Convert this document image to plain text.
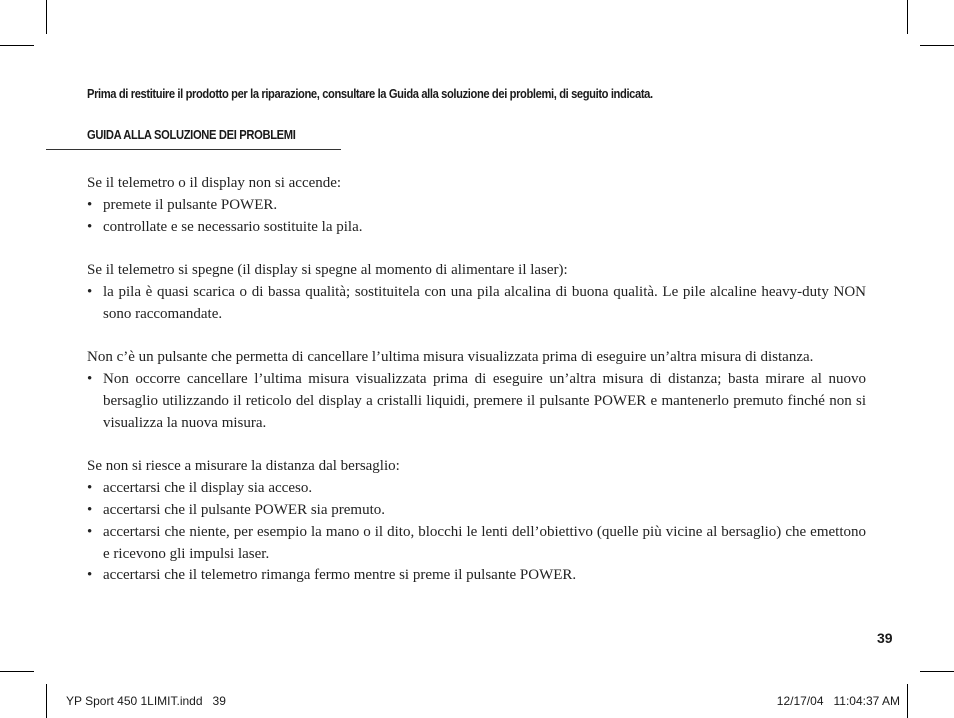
Prima di restituire il prodotto per la riparazione, consultare la Guida alla soluzione dei problemi, di seguito indicata.
GUIDA ALLA SOLUZIONE DEI PROBLEMI

Se il telemetro o il display non si accende:

• premete il pulsante POWER.
• controllate e se necessario sostituite la pila.

Se il telemetro si spegne (il display si spegne al momento di alimentare il laser):

• la pila è quasi scarica o di bassa qualità; sostituitela con una pila alcalina di buona qualità. Le pile alcaline heavy-duty NON sono raccomandate.

Non c’è un pulsante che permetta di cancellare l’ultima misura visualizzata prima di eseguire un’altra misura di distanza.

• Non occorre cancellare l’ultima misura visualizzata prima di eseguire un’altra misura di distanza; basta mirare al nuovo bersaglio utilizzando il reticolo del display a cristalli liquidi, premere il pulsante POWER e mantenerlo premuto finché non si visualizza la nuova misura.

Se non si riesce a misurare la distanza dal bersaglio:

• accertarsi che il display sia acceso.
• accertarsi che il pulsante POWER sia premuto.
• accertarsi che niente, per esempio la mano o il dito, blocchi le lenti dell’obiettivo (quelle più vicine al bersaglio) che emettono e ricevono gli impulsi laser.
• accertarsi che il telemetro rimanga fermo mentre si preme il pulsante POWER.
39
YP Sport 450 1LIMIT.indd   39	12/17/04   11:04:37 AM
